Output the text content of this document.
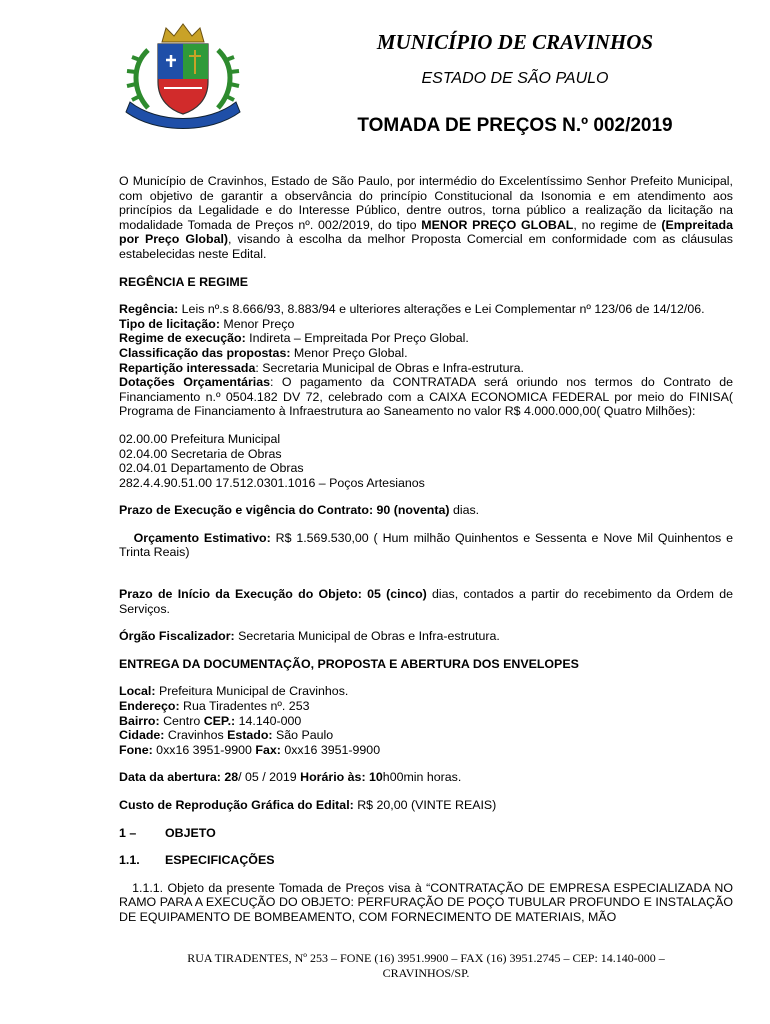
MUNICÍPIO DE CRAVINHOS
ESTADO DE SÃO PAULO
TOMADA DE PREÇOS N.º 002/2019

O Município de Cravinhos, Estado de São Paulo, por intermédio do Excelentíssimo Senhor Prefeito Municipal, com objetivo de garantir a observância do princípio Constitucional da Isonomia e em atendimento aos princípios da Legalidade e do Interesse Público, dentre outros, torna público a realização da licitação na modalidade Tomada de Preços nº. 002/2019, do tipo MENOR PREÇO GLOBAL, no regime de (Empreitada por Preço Global), visando à escolha da melhor Proposta Comercial em conformidade com as cláusulas estabelecidas neste Edital.

REGÊNCIA E REGIME

Regência: Leis nº.s 8.666/93, 8.883/94 e ulteriores alterações e Lei Complementar nº 123/06 de 14/12/06.

Tipo de licitação: Menor Preço

Regime de execução: Indireta – Empreitada Por Preço Global.

Classificação das propostas: Menor Preço Global.

Repartição interessada: Secretaria Municipal de Obras e Infra-estrutura.

Dotações Orçamentárias: O pagamento da CONTRATADA será oriundo nos termos do Contrato de Financiamento n.º 0504.182 DV 72, celebrado com a CAIXA ECONOMICA FEDERAL por meio do FINISA( Programa de Financiamento à Infraestrutura ao Saneamento no valor R$ 4.000.000,00( Quatro Milhões):

02.00.00 Prefeitura Municipal
02.04.00 Secretaria de Obras
02.04.01 Departamento de Obras
282.4.4.90.51.00 17.512.0301.1016 – Poços Artesianos

Prazo de Execução e vigência do Contrato: 90 (noventa) dias.

Orçamento Estimativo: R$ 1.569.530,00 ( Hum milhão Quinhentos e Sessenta e Nove Mil Quinhentos e Trinta Reais)

Prazo de Início da Execução do Objeto: 05 (cinco) dias, contados a partir do recebimento da Ordem de Serviços.

Órgão Fiscalizador: Secretaria Municipal de Obras e Infra-estrutura.

ENTREGA DA DOCUMENTAÇÃO, PROPOSTA E ABERTURA DOS ENVELOPES

Local: Prefeitura Municipal de Cravinhos.

Endereço: Rua Tiradentes nº. 253

Bairro: Centro CEP.: 14.140-000

Cidade: Cravinhos Estado: São Paulo

Fone: 0xx16 3951-9900 Fax: 0xx16 3951-9900

Data da abertura: 28/ 05 / 2019 Horário às: 10h00min horas.

Custo de Reprodução Gráfica do Edital: R$ 20,00 (VINTE REAIS)

1 –	OBJETO
1.1.	ESPECIFICAÇÕES

1.1.1. Objeto da presente Tomada de Preços visa à “CONTRATAÇÃO DE EMPRESA ESPECIALIZADA NO RAMO PARA A EXECUÇÃO DO OBJETO: PERFURAÇÃO DE POÇO TUBULAR PROFUNDO E INSTALAÇÃO DE EQUIPAMENTO DE BOMBEAMENTO, COM FORNECIMENTO DE MATERIAIS, MÃO

RUA TIRADENTES, Nº 253 – FONE (16) 3951.9900 – FAX (16) 3951.2745 – CEP: 14.140-000 –
CRAVINHOS/SP.
